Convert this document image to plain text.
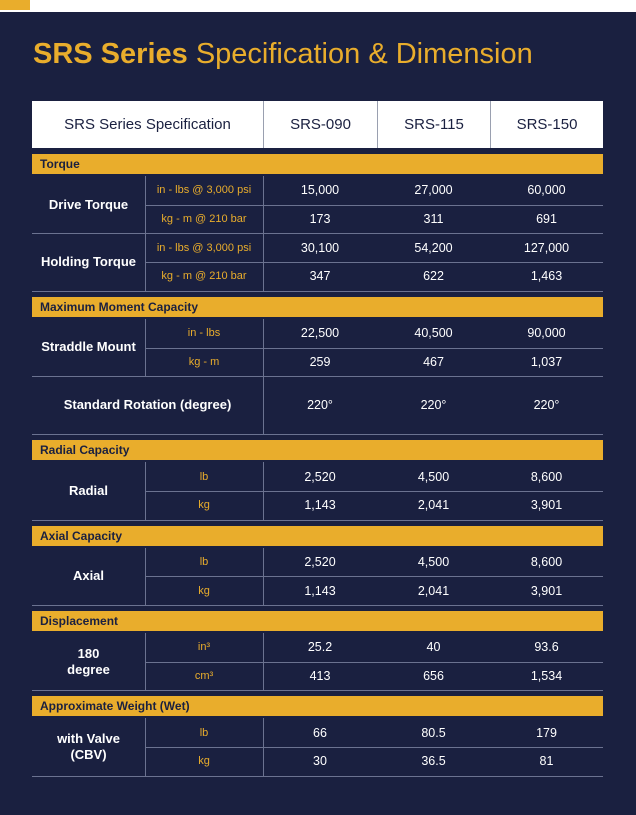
SRS Series Specification & Dimension
SRS Series Specification	SRS-090	SRS-115	SRS-150
Torque
Drive Torque
in - lbs @ 3,000 psi	15,000	27,000	60,000
kg - m @ 210 bar	173	311	691
Holding Torque
in - lbs @ 3,000 psi	30,100	54,200	127,000
kg - m @ 210 bar	347	622	1,463
Maximum Moment Capacity
Straddle Mount
in - lbs	22,500	40,500	90,000
kg - m	259	467	1,037
Standard Rotation (degree)	220°	220°	220°
Radial Capacity
Radial
lb	2,520	4,500	8,600
kg	1,143	2,041	3,901
Axial Capacity
Axial
lb	2,520	4,500	8,600
kg	1,143	2,041	3,901
Displacement
180
degree
in³	25.2	40	93.6
cm³	413	656	1,534
Approximate Weight (Wet)
with Valve
(CBV)
lb	66	80.5	179
kg	30	36.5	81
